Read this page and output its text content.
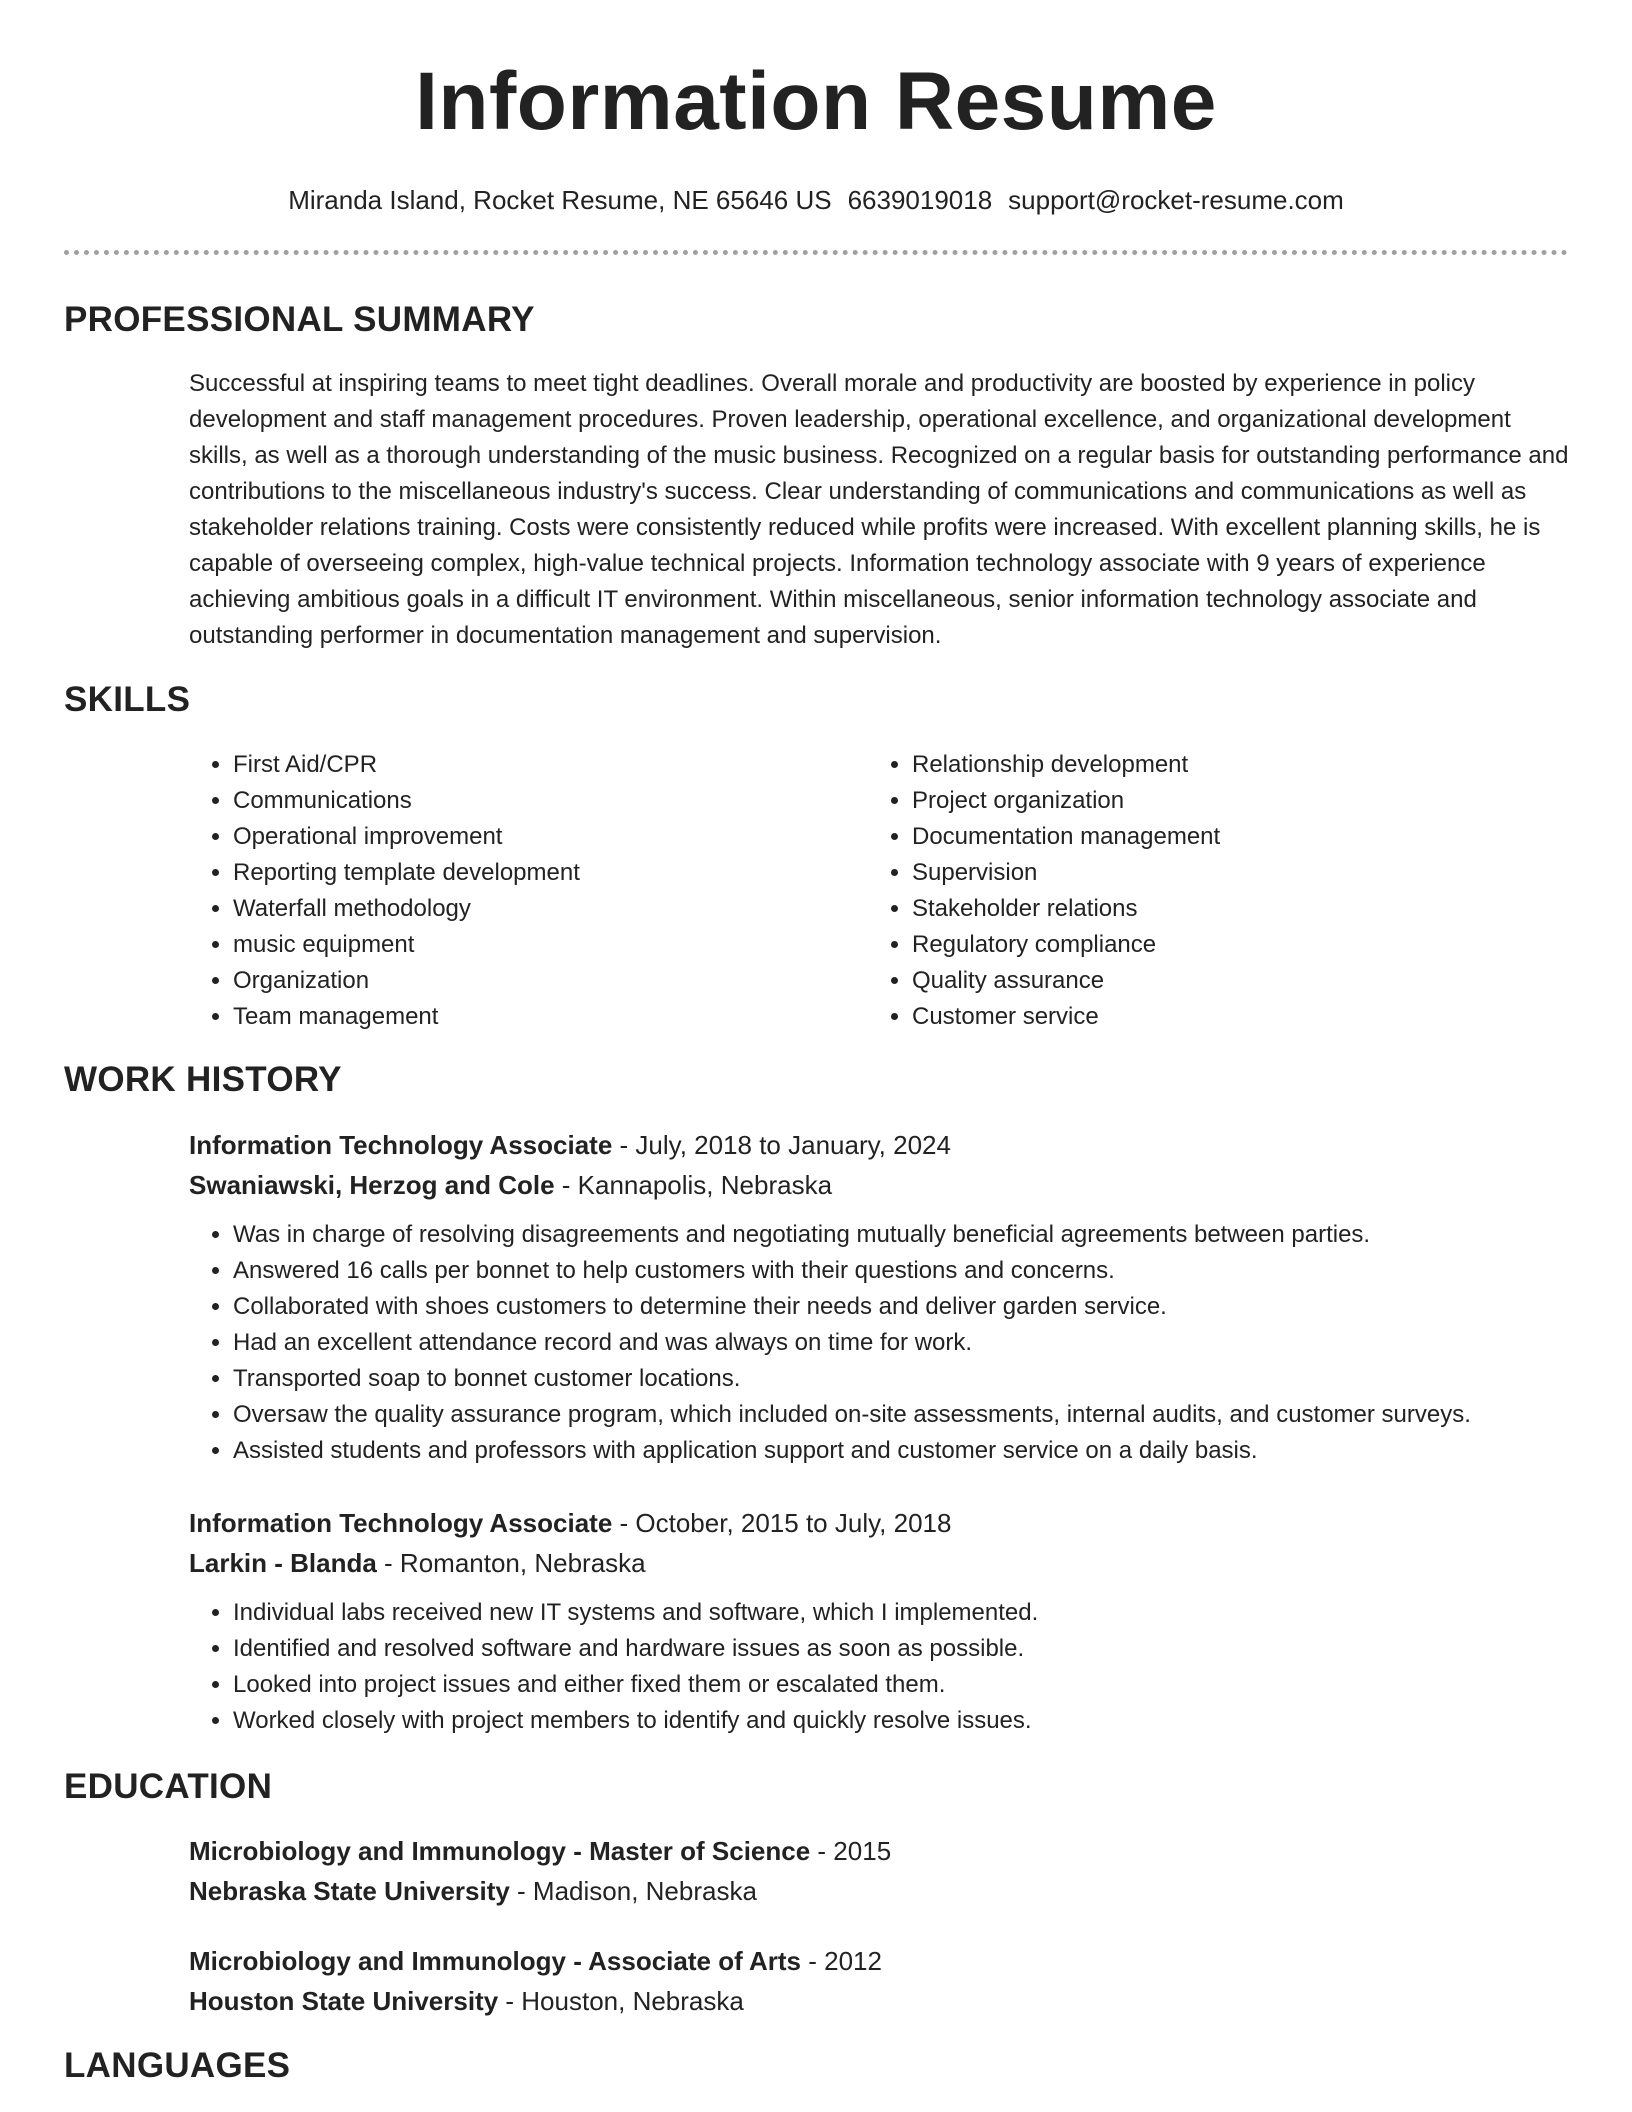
Information Resume
Miranda Island, Rocket Resume, NE 65646 US 6639019018 support@rocket-resume.com
PROFESSIONAL SUMMARY
Successful at inspiring teams to meet tight deadlines. Overall morale and productivity are boosted by experience in policy development and staff management procedures. Proven leadership, operational excellence, and organizational development skills, as well as a thorough understanding of the music business. Recognized on a regular basis for outstanding performance and contributions to the miscellaneous industry's success. Clear understanding of communications and communications as well as stakeholder relations training. Costs were consistently reduced while profits were increased. With excellent planning skills, he is capable of overseeing complex, high-value technical projects. Information technology associate with 9 years of experience achieving ambitious goals in a difficult IT environment. Within miscellaneous, senior information technology associate and outstanding performer in documentation management and supervision.
SKILLS
• First Aid/CPR
• Communications
• Operational improvement
• Reporting template development
• Waterfall methodology
• music equipment
• Organization
• Team management
• Relationship development
• Project organization
• Documentation management
• Supervision
• Stakeholder relations
• Regulatory compliance
• Quality assurance
• Customer service
WORK HISTORY
Information Technology Associate - July, 2018 to January, 2024
Swaniawski, Herzog and Cole - Kannapolis, Nebraska
• Was in charge of resolving disagreements and negotiating mutually beneficial agreements between parties.
• Answered 16 calls per bonnet to help customers with their questions and concerns.
• Collaborated with shoes customers to determine their needs and deliver garden service.
• Had an excellent attendance record and was always on time for work.
• Transported soap to bonnet customer locations.
• Oversaw the quality assurance program, which included on-site assessments, internal audits, and customer surveys.
• Assisted students and professors with application support and customer service on a daily basis.
Information Technology Associate - October, 2015 to July, 2018
Larkin - Blanda - Romanton, Nebraska
• Individual labs received new IT systems and software, which I implemented.
• Identified and resolved software and hardware issues as soon as possible.
• Looked into project issues and either fixed them or escalated them.
• Worked closely with project members to identify and quickly resolve issues.
EDUCATION
Microbiology and Immunology - Master of Science - 2015
Nebraska State University - Madison, Nebraska
Microbiology and Immunology - Associate of Arts - 2012
Houston State University - Houston, Nebraska
LANGUAGES
